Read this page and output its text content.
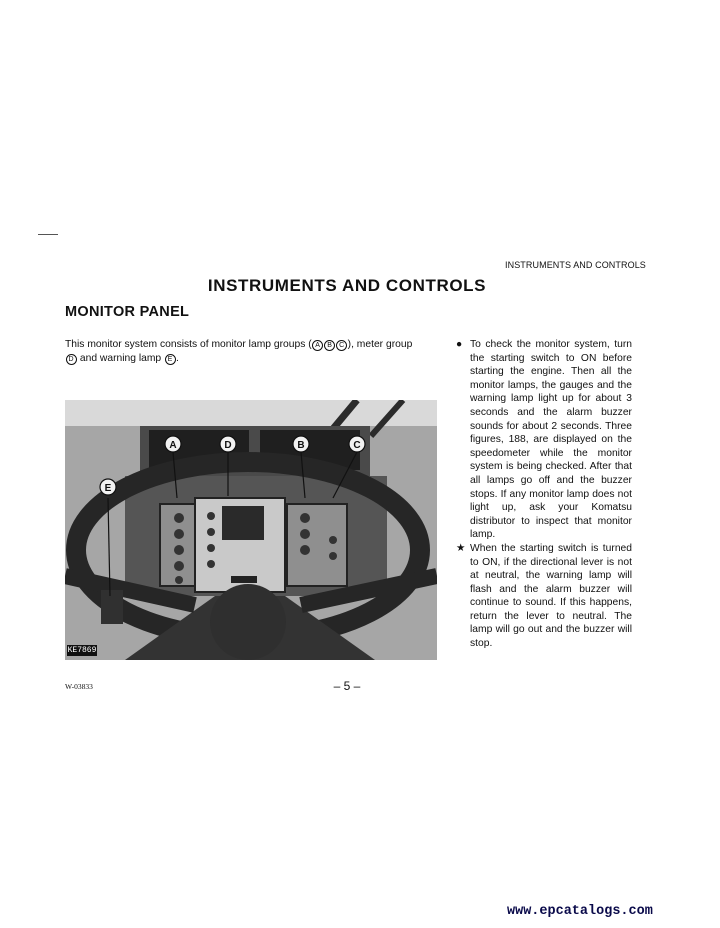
INSTRUMENTS AND CONTROLS
INSTRUMENTS AND CONTROLS
MONITOR PANEL
This monitor system consists of monitor lamp groups ( A B C ), meter group
D and warning lamp E .
A	D	B	C
E
KE7869
● To check the monitor system, turn the starting switch to ON before starting the engine. Then all the monitor lamps, the gauges and the warning lamp light up for about 3 seconds and the alarm buzzer sounds for about 2 seconds. Three figures, 188, are displayed on the speedometer while the monitor system is being checked. After that all lamps go off and the buzzer stops. If any monitor lamp does not light up, ask your Komatsu distributor to inspect that monitor lamp.
★ When the starting switch is turned to ON, if the directional lever is not at neutral, the warning lamp will flash and the alarm buzzer will continue to sound. If this happens, return the lever to neutral. The lamp will go out and the buzzer will stop.
W-03833	– 5 –
www.epcatalogs.com
